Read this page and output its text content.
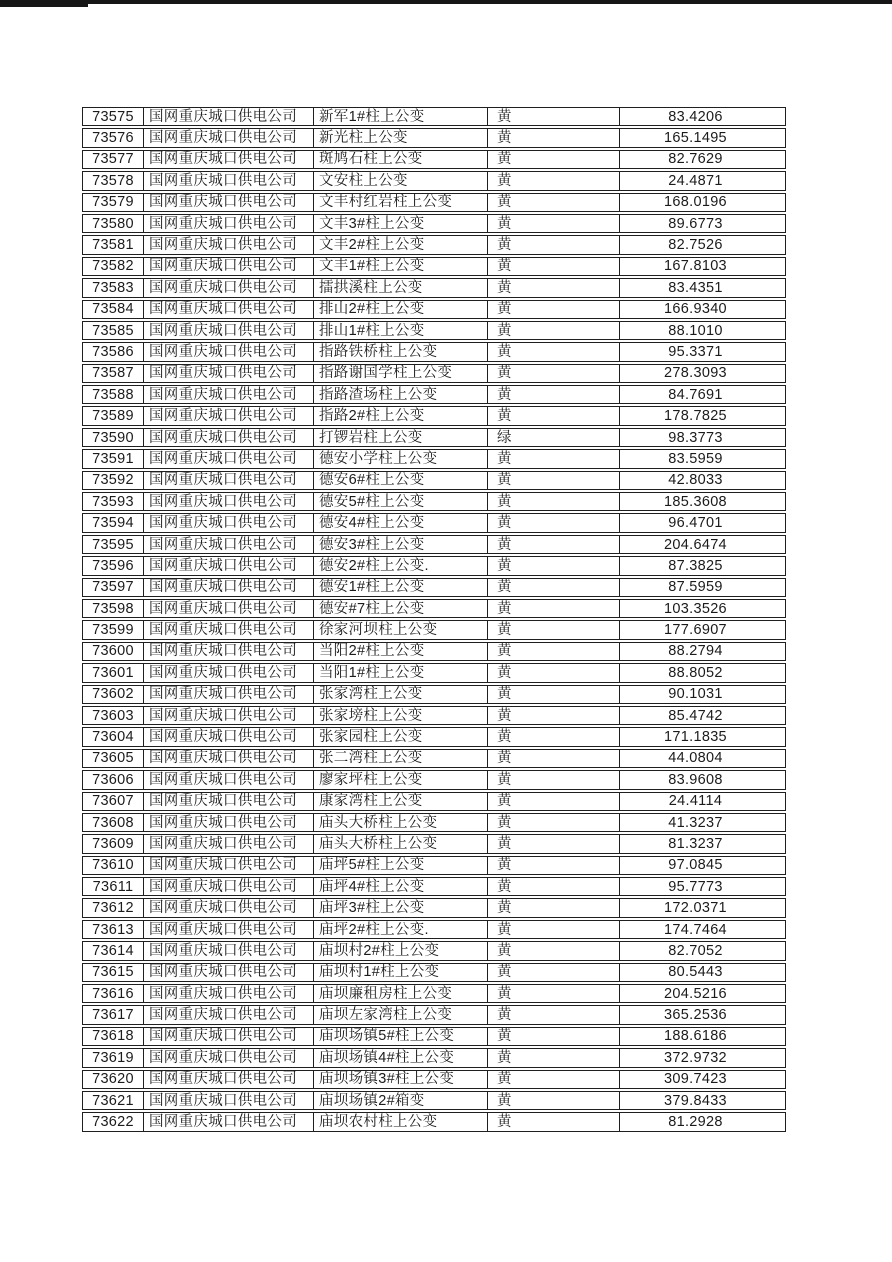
73575	国网重庆城口供电公司	新军1#柱上公变	黄	83.4206
73576	国网重庆城口供电公司	新光柱上公变	黄	165.1495
73577	国网重庆城口供电公司	斑鸠石柱上公变	黄	82.7629
73578	国网重庆城口供电公司	文安柱上公变	黄	24.4871
73579	国网重庆城口供电公司	文丰村红岩柱上公变	黄	168.0196
73580	国网重庆城口供电公司	文丰3#柱上公变	黄	89.6773
73581	国网重庆城口供电公司	文丰2#柱上公变	黄	82.7526
73582	国网重庆城口供电公司	文丰1#柱上公变	黄	167.8103
73583	国网重庆城口供电公司	擂拱溪柱上公变	黄	83.4351
73584	国网重庆城口供电公司	排山2#柱上公变	黄	166.9340
73585	国网重庆城口供电公司	排山1#柱上公变	黄	88.1010
73586	国网重庆城口供电公司	指路铁桥柱上公变	黄	95.3371
73587	国网重庆城口供电公司	指路谢国学柱上公变	黄	278.3093
73588	国网重庆城口供电公司	指路渣场柱上公变	黄	84.7691
73589	国网重庆城口供电公司	指路2#柱上公变	黄	178.7825
73590	国网重庆城口供电公司	打锣岩柱上公变	绿	98.3773
73591	国网重庆城口供电公司	德安小学柱上公变	黄	83.5959
73592	国网重庆城口供电公司	德安6#柱上公变	黄	42.8033
73593	国网重庆城口供电公司	德安5#柱上公变	黄	185.3608
73594	国网重庆城口供电公司	德安4#柱上公变	黄	96.4701
73595	国网重庆城口供电公司	德安3#柱上公变	黄	204.6474
73596	国网重庆城口供电公司	德安2#柱上公变.	黄	87.3825
73597	国网重庆城口供电公司	德安1#柱上公变	黄	87.5959
73598	国网重庆城口供电公司	德安#7柱上公变	黄	103.3526
73599	国网重庆城口供电公司	徐家河坝柱上公变	黄	177.6907
73600	国网重庆城口供电公司	当阳2#柱上公变	黄	88.2794
73601	国网重庆城口供电公司	当阳1#柱上公变	黄	88.8052
73602	国网重庆城口供电公司	张家湾柱上公变	黄	90.1031
73603	国网重庆城口供电公司	张家塝柱上公变	黄	85.4742
73604	国网重庆城口供电公司	张家园柱上公变	黄	171.1835
73605	国网重庆城口供电公司	张二湾柱上公变	黄	44.0804
73606	国网重庆城口供电公司	廖家坪柱上公变	黄	83.9608
73607	国网重庆城口供电公司	康家湾柱上公变	黄	24.4114
73608	国网重庆城口供电公司	庙头大桥柱上公变	黄	41.3237
73609	国网重庆城口供电公司	庙头大桥柱上公变	黄	81.3237
73610	国网重庆城口供电公司	庙坪5#柱上公变	黄	97.0845
73611	国网重庆城口供电公司	庙坪4#柱上公变	黄	95.7773
73612	国网重庆城口供电公司	庙坪3#柱上公变	黄	172.0371
73613	国网重庆城口供电公司	庙坪2#柱上公变.	黄	174.7464
73614	国网重庆城口供电公司	庙坝村2#柱上公变	黄	82.7052
73615	国网重庆城口供电公司	庙坝村1#柱上公变	黄	80.5443
73616	国网重庆城口供电公司	庙坝廉租房柱上公变	黄	204.5216
73617	国网重庆城口供电公司	庙坝左家湾柱上公变	黄	365.2536
73618	国网重庆城口供电公司	庙坝场镇5#柱上公变	黄	188.6186
73619	国网重庆城口供电公司	庙坝场镇4#柱上公变	黄	372.9732
73620	国网重庆城口供电公司	庙坝场镇3#柱上公变	黄	309.7423
73621	国网重庆城口供电公司	庙坝场镇2#箱变	黄	379.8433
73622	国网重庆城口供电公司	庙坝农村柱上公变	黄	81.2928
